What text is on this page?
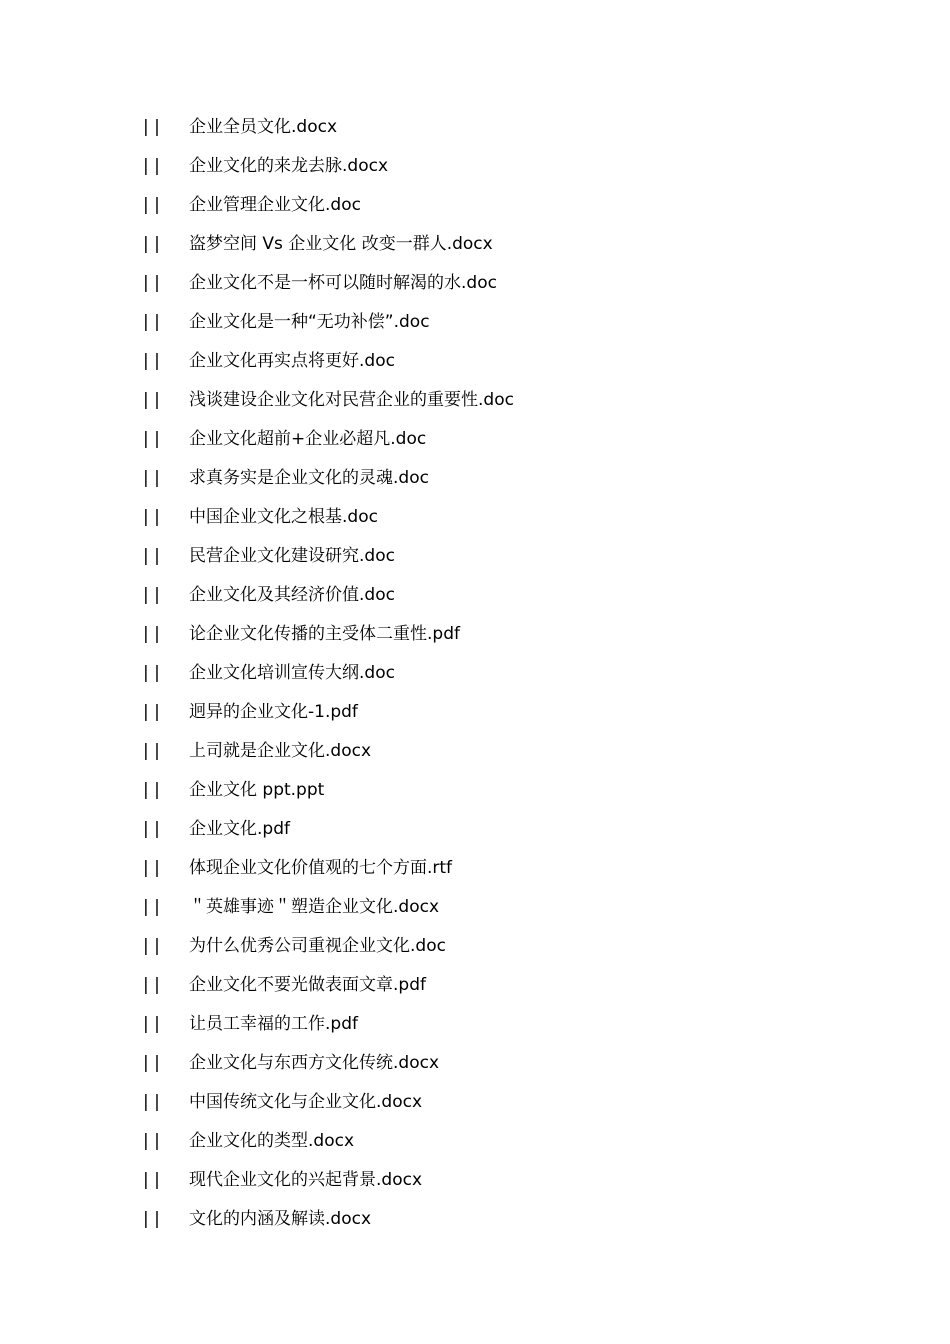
| |	企业全员文化.docx
| |	企业文化的来龙去脉.docx
| |	企业管理企业文化.doc
| |	盗梦空间 Vs 企业文化 改变一群人.docx
| |	企业文化不是一杯可以随时解渴的水.doc
| |	企业文化是一种“无功补偿”.doc
| |	企业文化再实点将更好.doc
| |	浅谈建设企业文化对民营企业的重要性.doc
| |	企业文化超前+企业必超凡.doc
| |	求真务实是企业文化的灵魂.doc
| |	中国企业文化之根基.doc
| |	民营企业文化建设研究.doc
| |	企业文化及其经济价值.doc
| |	论企业文化传播的主受体二重性.pdf
| |	企业文化培训宣传大纲.doc
| |	迥异的企业文化-1.pdf
| |	上司就是企业文化.docx
| |	企业文化 ppt.ppt
| |	企业文化.pdf
| |	体现企业文化价值观的七个方面.rtf
| |	＂英雄事迹＂塑造企业文化.docx
| |	为什么优秀公司重视企业文化.doc
| |	企业文化不要光做表面文章.pdf
| |	让员工幸福的工作.pdf
| |	企业文化与东西方文化传统.docx
| |	中国传统文化与企业文化.docx
| |	企业文化的类型.docx
| |	现代企业文化的兴起背景.docx
| |	文化的内涵及解读.docx
